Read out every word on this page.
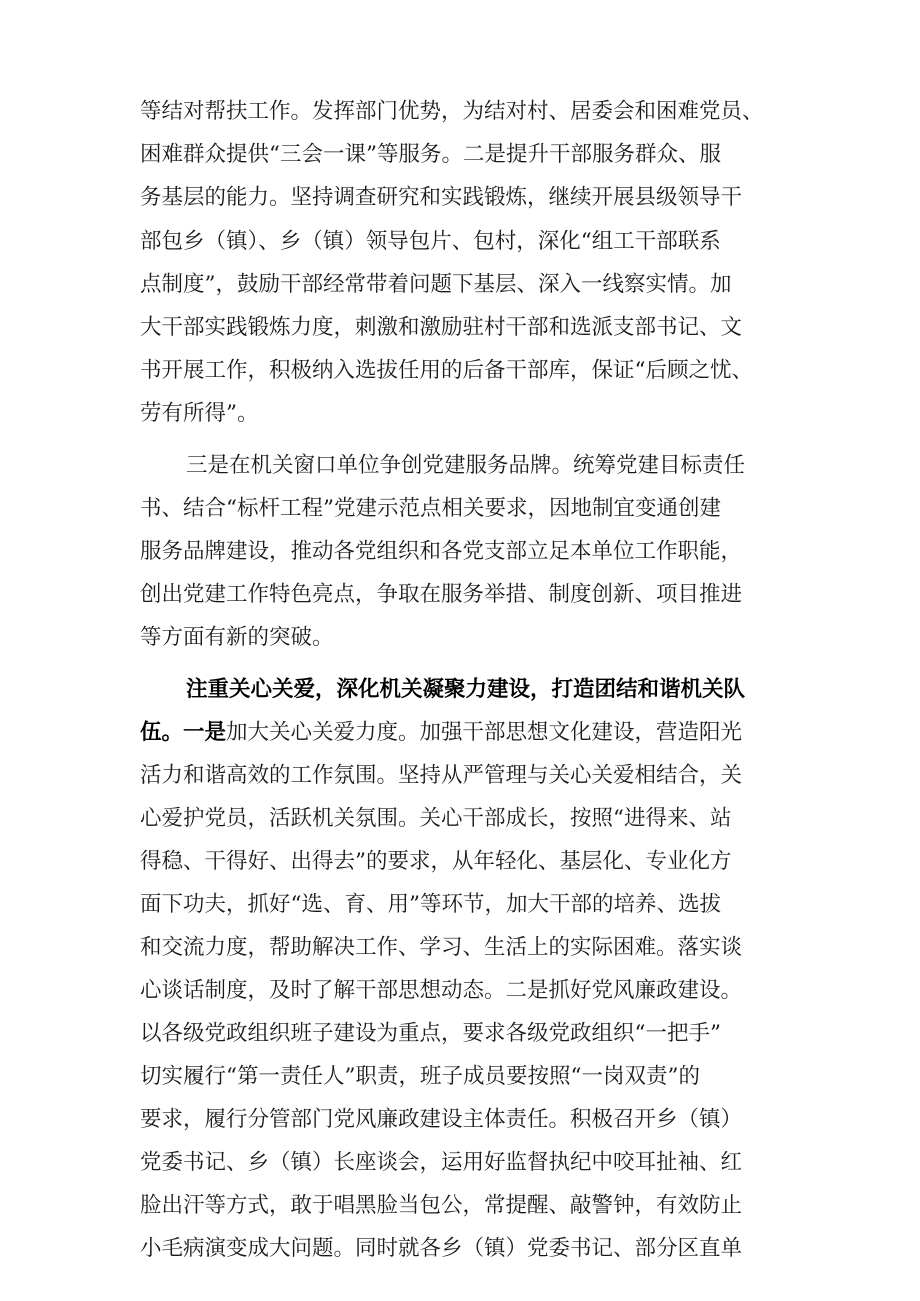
等结对帮扶工作。发挥部门优势，为结对村、居委会和困难党员、
困难群众提供“三会一课”等服务。二是提升干部服务群众、服
务基层的能力。坚持调查研究和实践锻炼，继续开展县级领导干
部包乡（镇）、乡（镇）领导包片、包村，深化“组工干部联系
点制度”，鼓励干部经常带着问题下基层、深入一线察实情。加
大干部实践锻炼力度，刺激和激励驻村干部和选派支部书记、文
书开展工作，积极纳入选拔任用的后备干部库，保证“后顾之忧、
劳有所得”。
三是在机关窗口单位争创党建服务品牌。统筹党建目标责任
书、结合“标杆工程”党建示范点相关要求，因地制宜变通创建
服务品牌建设，推动各党组织和各党支部立足本单位工作职能，
创出党建工作特色亮点，争取在服务举措、制度创新、项目推进
等方面有新的突破。
注重关心关爱，深化机关凝聚力建设，打造团结和谐机关队
伍。一是加大关心关爱力度。加强干部思想文化建设，营造阳光
活力和谐高效的工作氛围。坚持从严管理与关心关爱相结合，关
心爱护党员，活跃机关氛围。关心干部成长，按照“进得来、站
得稳、干得好、出得去”的要求，从年轻化、基层化、专业化方
面下功夫，抓好“选、育、用”等环节，加大干部的培养、选拔
和交流力度，帮助解决工作、学习、生活上的实际困难。落实谈
心谈话制度，及时了解干部思想动态。二是抓好党风廉政建设。
以各级党政组织班子建设为重点，要求各级党政组织“一把手”
切实履行“第一责任人”职责，班子成员要按照“一岗双责”的
要求，履行分管部门党风廉政建设主体责任。积极召开乡（镇）
党委书记、乡（镇）长座谈会，运用好监督执纪中咬耳扯袖、红
脸出汗等方式，敢于唱黑脸当包公，常提醒、敲警钟，有效防止
小毛病演变成大问题。同时就各乡（镇）党委书记、部分区直单
